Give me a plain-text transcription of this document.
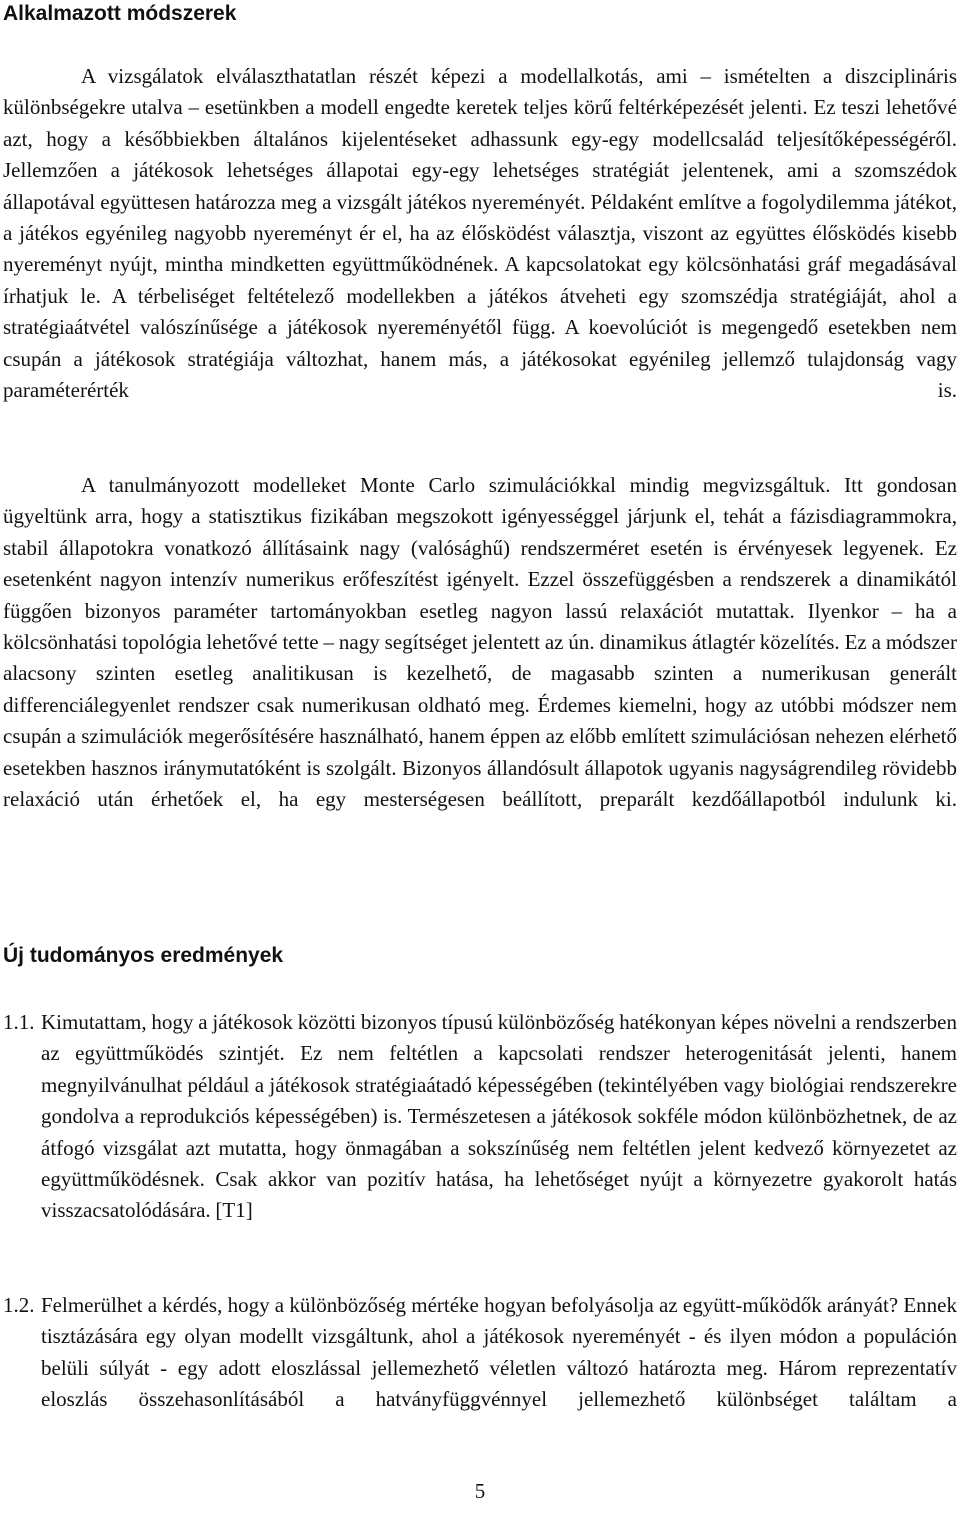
Alkalmazott módszerek

A vizsgálatok elválaszthatatlan részét képezi a modellalkotás, ami – ismételten a diszciplináris különbségekre utalva – esetünkben a modell engedte keretek teljes körű feltérképezését jelenti. Ez teszi lehetővé azt, hogy a későbbiekben általános kijelentéseket adhassunk egy-egy modellcsalád teljesítőképességéről. Jellemzően a játékosok lehetséges állapotai egy-egy lehetséges stratégiát jelentenek, ami a szomszédok állapotával együttesen határozza meg a vizsgált játékos nyereményét. Példaként említve a fogolydilemma játékot, a játékos egyénileg nagyobb nyereményt ér el, ha az élősködést választja, viszont az együttes élősködés kisebb nyereményt nyújt, mintha mindketten együttműködnének. A kapcsolatokat egy kölcsönhatási gráf megadásával írhatjuk le. A térbeliséget feltételező modellekben a játékos átveheti egy szomszédja stratégiáját, ahol a stratégiaátvétel valószínűsége a játékosok nyereményétől függ. A koevolúciót is megengedő esetekben nem csupán a játékosok stratégiája változhat, hanem más, a játékosokat egyénileg jellemző tulajdonság vagy paraméterérték is.

A tanulmányozott modelleket Monte Carlo szimulációkkal mindig megvizsgáltuk. Itt gondosan ügyeltünk arra, hogy a statisztikus fizikában megszokott igényességgel járjunk el, tehát a fázisdiagrammokra, stabil állapotokra vonatkozó állításaink nagy (valósághű) rendszerméret esetén is érvényesek legyenek. Ez esetenként nagyon intenzív numerikus erőfeszítést igényelt. Ezzel összefüggésben a rendszerek a dinamikától függően bizonyos paraméter tartományokban esetleg nagyon lassú relaxációt mutattak. Ilyenkor – ha a kölcsönhatási topológia lehetővé tette – nagy segítséget jelentett az ún. dinamikus átlagtér közelítés. Ez a módszer alacsony szinten esetleg analitikusan is kezelhető, de magasabb szinten a numerikusan generált differenciálegyenlet rendszer csak numerikusan oldható meg. Érdemes kiemelni, hogy az utóbbi módszer nem csupán a szimulációk megerősítésére használható, hanem éppen az előbb említett szimulációsan nehezen elérhető esetekben hasznos iránymutatóként is szolgált. Bizonyos állandósult állapotok ugyanis nagyságrendileg rövidebb relaxáció után érhetőek el, ha egy mesterségesen beállított, preparált kezdőállapotból indulunk ki.

Új tudományos eredmények
1.1. Kimutattam, hogy a játékosok közötti bizonyos típusú különbözőség hatékonyan képes növelni a rendszerben az együttműködés szintjét. Ez nem feltétlen a kapcsolati rendszer heterogenitását jelenti, hanem megnyilvánulhat például a játékosok stratégiaátadó képességében (tekintélyében vagy biológiai rendszerekre gondolva a reprodukciós képességében) is. Természetesen a játékosok sokféle módon különbözhetnek, de az átfogó vizsgálat azt mutatta, hogy önmagában a sokszínűség nem feltétlen jelent kedvező környezetet az együttműködésnek. Csak akkor van pozitív hatása, ha lehetőséget nyújt a környezetre gyakorolt hatás visszacsatolódására. [T1]

1.2. Felmerülhet a kérdés, hogy a különbözőség mértéke hogyan befolyásolja az együtt-működők arányát? Ennek tisztázására egy olyan modellt vizsgáltunk, ahol a játékosok nyereményét - és ilyen módon a populáción belüli súlyát - egy adott eloszlással jellemezhető véletlen változó határozta meg. Három reprezentatív eloszlás összehasonlításából a hatványfüggvénnyel jellemezhető különbséget találtam a

5
